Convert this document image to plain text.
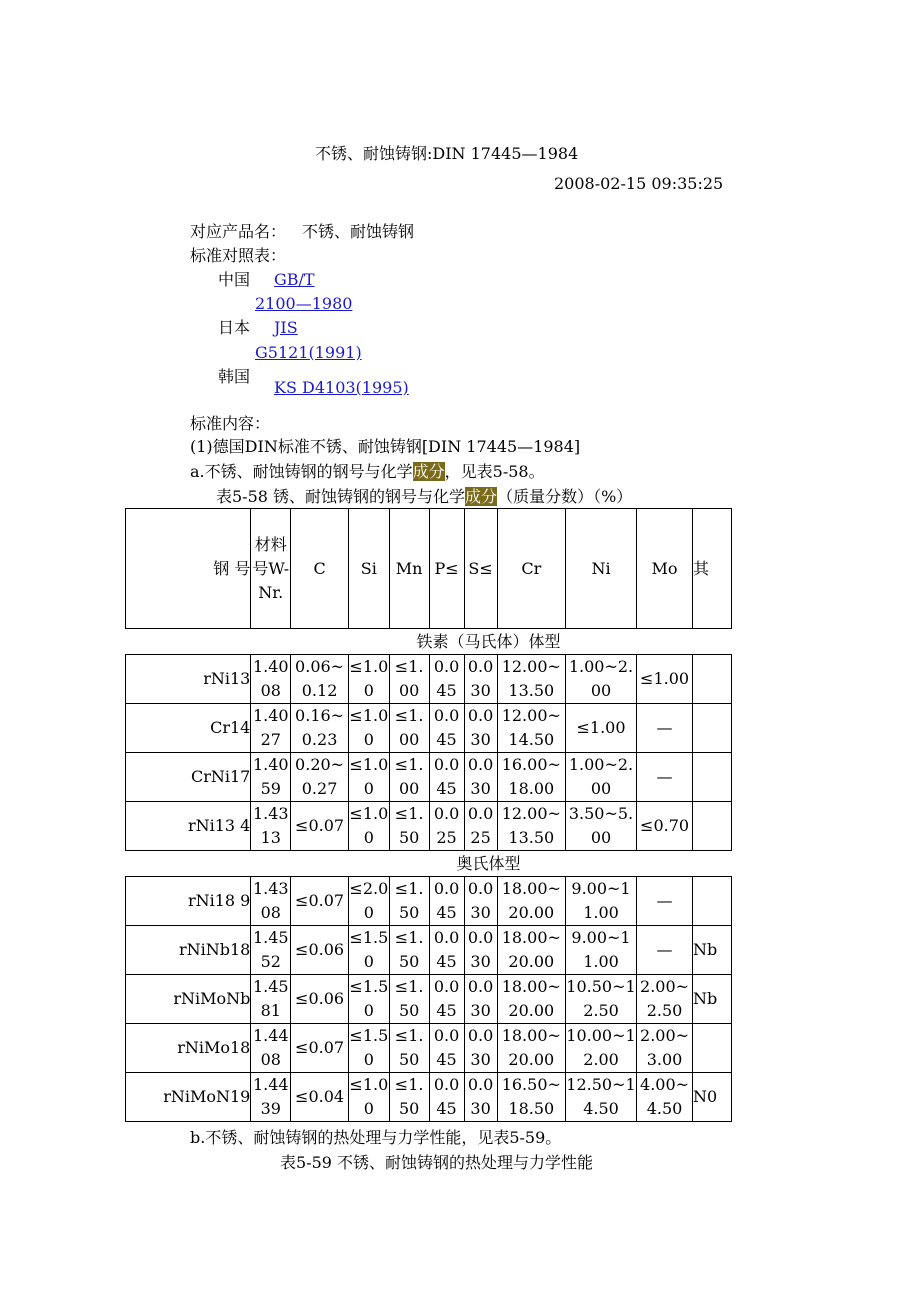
不锈、耐蚀铸钢:DIN 17445—1984
2008-02-15 09:35:25
对应产品名： 不锈、耐蚀铸钢
标准对照表：
中国 GB/T
2100—1980
日本 JIS
G5121(1991)
韩国
KS D4103(1995)
标准内容：
(1)德国DIN标准不锈、耐蚀铸钢[DIN 17445—1984]
a.不锈、耐蚀铸钢的钢号与化学成分，见表5-58。
表5-58 锈、耐蚀铸钢的钢号与化学成分（质量分数）（%）
钢 号	材料号W-Nr.	C	Si	Mn	P≤	S≤	Cr	Ni	Mo	其
铁素（马氏体）体型										
rNi13	1.4008	0.06~0.12	≤1.00	≤1.00	0.045	0.030	12.00~13.50	1.00~2.00	≤1.00	
Cr14	1.4027	0.16~0.23	≤1.00	≤1.00	0.045	0.030	12.00~14.50	≤1.00	—	
CrNi17	1.4059	0.20~0.27	≤1.00	≤1.00	0.045	0.030	16.00~18.00	1.00~2.00	—	
rNi13 4	1.4313	≤0.07	≤1.00	≤1.50	0.025	0.025	12.00~13.50	3.50~5.00	≤0.70	
奥氏体型										
rNi18 9	1.4308	≤0.07	≤2.00	≤1.50	0.045	0.030	18.00~20.00	9.00~11.00	—	
rNiNb18	1.4552	≤0.06	≤1.50	≤1.50	0.045	0.030	18.00~20.00	9.00~11.00	—	Nb
rNiMoNb	1.4581	≤0.06	≤1.50	≤1.50	0.045	0.030	18.00~20.00	10.50~12.50	2.00~2.50	Nb
rNiMo18	1.4408	≤0.07	≤1.50	≤1.50	0.045	0.030	18.00~20.00	10.00~12.00	2.00~3.00	
rNiMoN19	1.4439	≤0.04	≤1.00	≤1.50	0.045	0.030	16.50~18.50	12.50~14.50	4.00~4.50	N0
b.不锈、耐蚀铸钢的热处理与力学性能，见表5-59。
表5-59 不锈、耐蚀铸钢的热处理与力学性能
